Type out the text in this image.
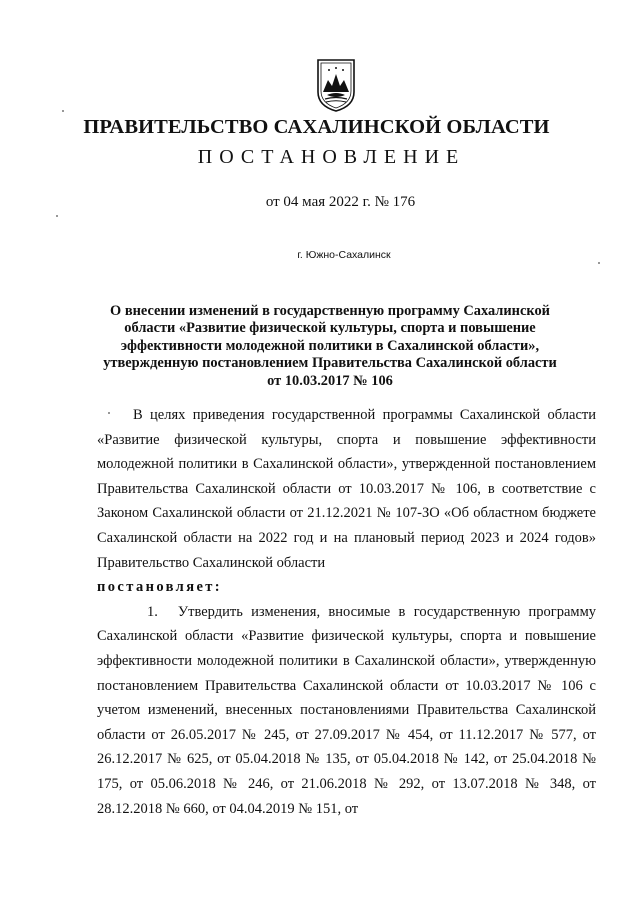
ПРАВИТЕЛЬСТВО САХАЛИНСКОЙ ОБЛАСТИ
ПОСТАНОВЛЕНИЕ
от 04 мая 2022 г. № 176
г. Южно-Сахалинск
О внесении изменений в государственную программу Сахалинской области «Развитие физической культуры, спорта и повышение эффективности молодежной политики в Сахалинской области», утвержденную постановлением Правительства Сахалинской области от 10.03.2017 № 106

В целях приведения государственной программы Сахалинской области «Развитие физической культуры, спорта и повышение эффективности молодежной политики в Сахалинской области», утвержденной постановлением Правительства Сахалинской области от 10.03.2017 № 106, в соответствие с Законом Сахалинской области от 21.12.2021 № 107-ЗО «Об областном бюджете Сахалинской области на 2022 год и на плановый период 2023 и 2024 годов» Правительство Сахалинской области

постановляет:

1. Утвердить изменения, вносимые в государственную программу Сахалинской области «Развитие физической культуры, спорта и повышение эффективности молодежной политики в Сахалинской области», утвержденную постановлением Правительства Сахалинской области от 10.03.2017 № 106 с учетом изменений, внесенных постановлениями Правительства Сахалинской области от 26.05.2017 № 245, от 27.09.2017 № 454, от 11.12.2017 № 577, от 26.12.2017 № 625, от 05.04.2018 № 135, от 05.04.2018 № 142, от 25.04.2018 № 175, от 05.06.2018 № 246, от 21.06.2018 № 292, от 13.07.2018 № 348, от 28.12.2018 № 660, от 04.04.2019 № 151, от
